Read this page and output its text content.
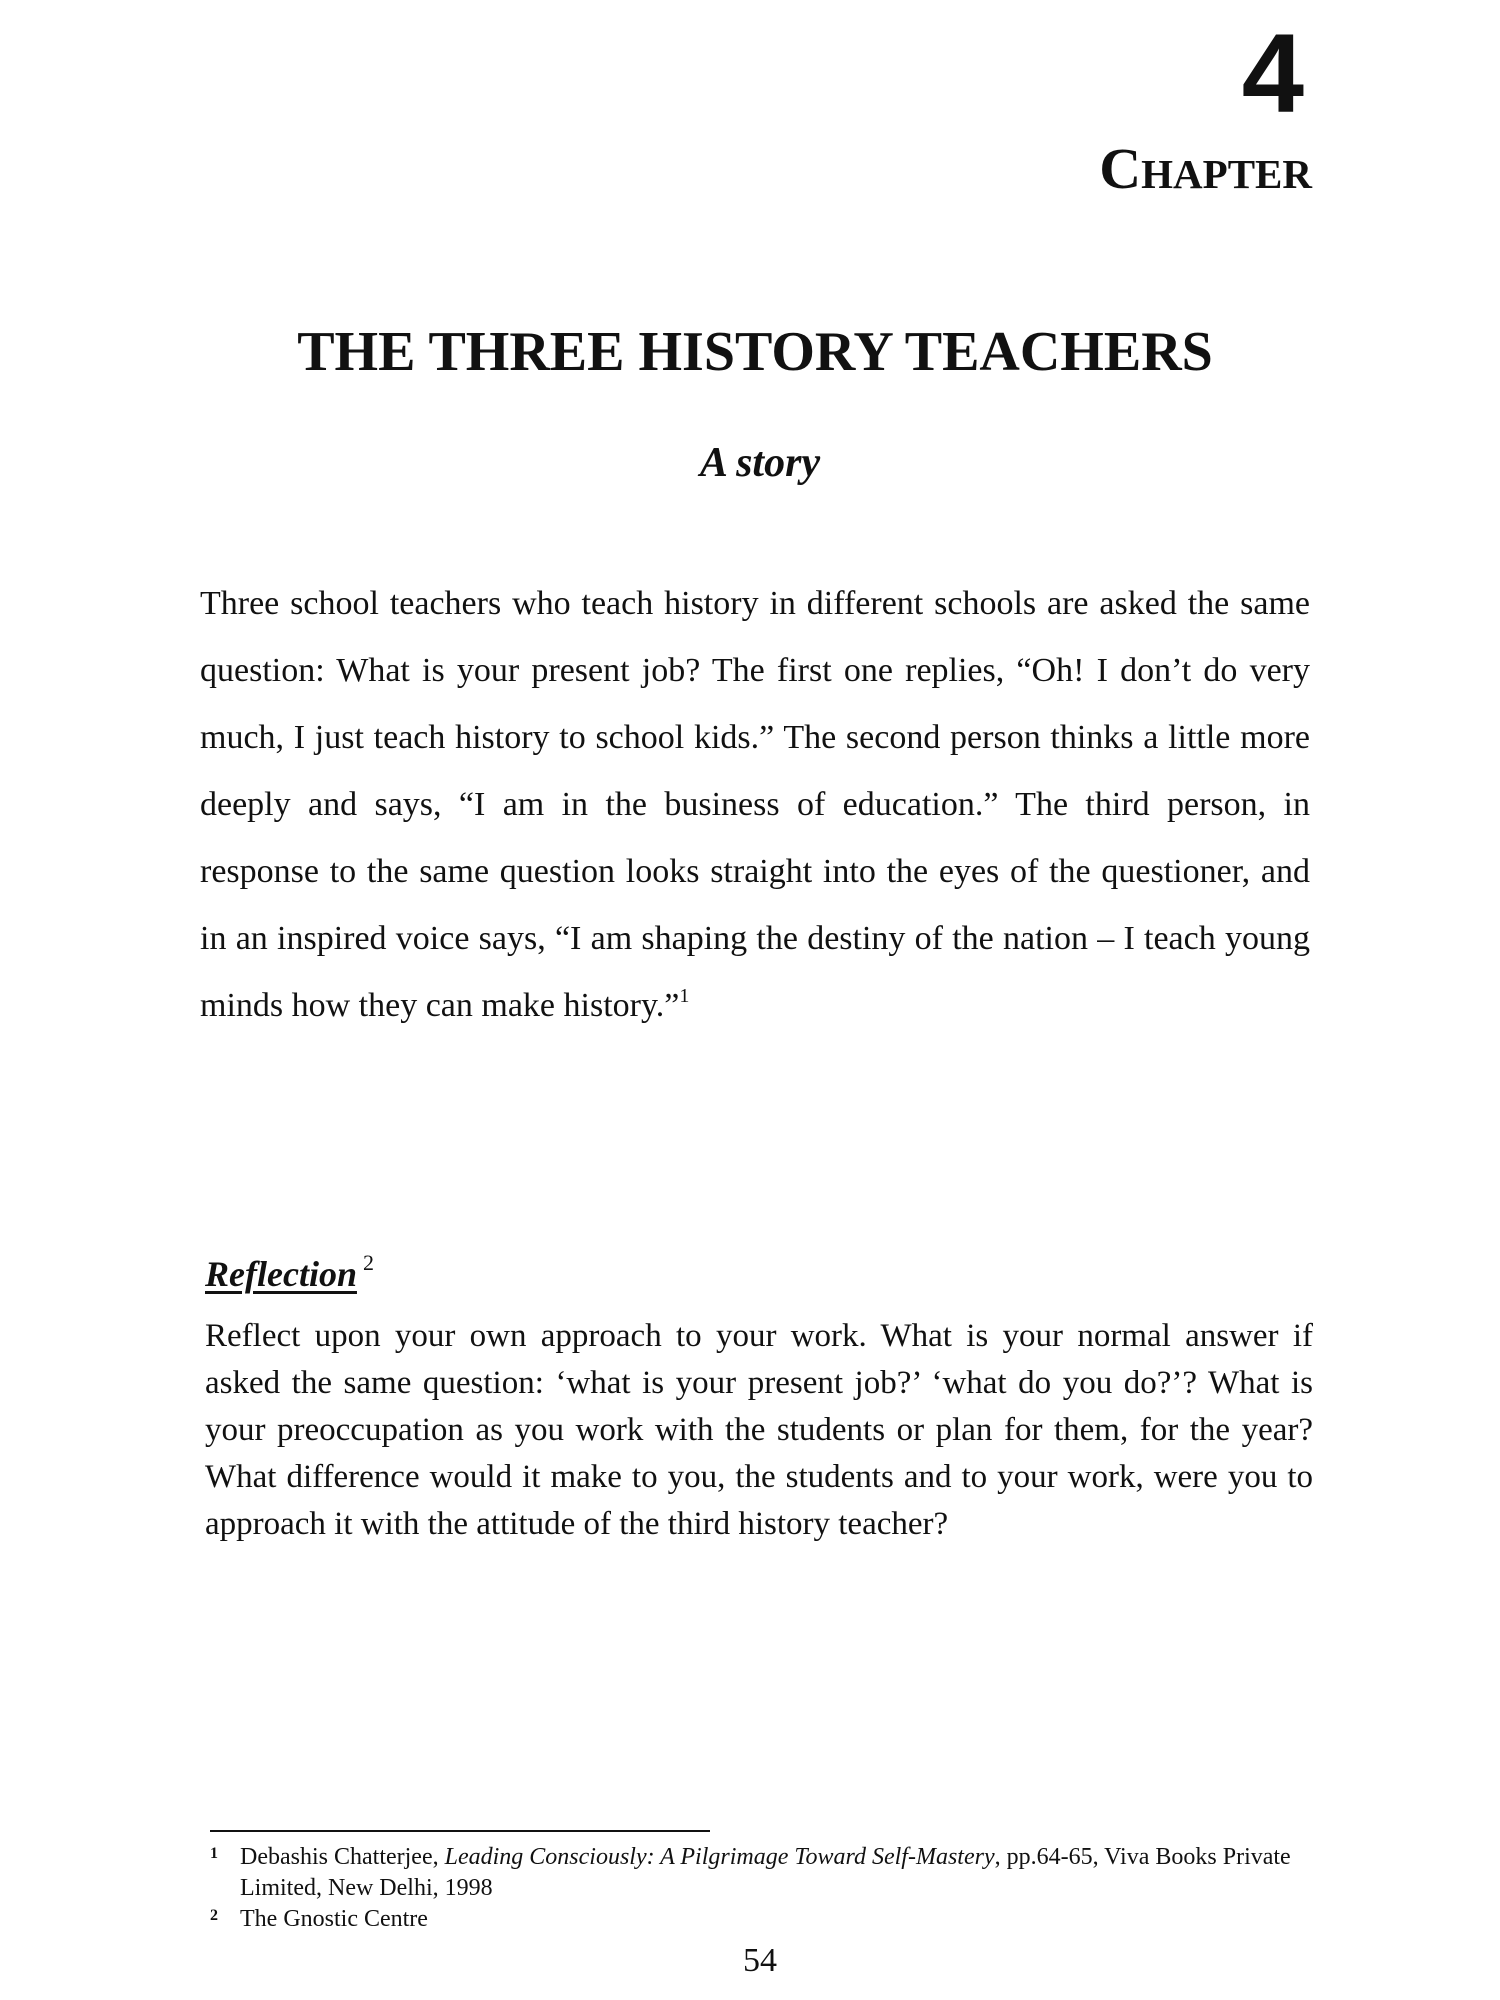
4
Chapter
THE THREE HISTORY TEACHERS
A story

Three school teachers who teach history in different schools are asked the same question: What is your present job? The first one replies, “Oh! I don’t do very much, I just teach history to school kids.” The second person thinks a little more deeply and says, “I am in the business of education.” The third person, in response to the same question looks straight into the eyes of the questioner, and in an inspired voice says, “I am shaping the destiny of the nation – I teach young minds how they can make history.”$^1$

Reflection $^2$

Reflect upon your own approach to your work. What is your normal answer if asked the same question: ‘what is your present job?’ ‘what do you do?’? What is your preoccupation as you work with the students or plan for them, for the year? What difference would it make to you, the students and to your work, were you to approach it with the attitude of the third history teacher?

1 Debashis Chatterjee, Leading Consciously: A Pilgrimage Toward Self-Mastery, pp.64-65, Viva Books Private Limited, New Delhi, 1998
2 The Gnostic Centre
54
